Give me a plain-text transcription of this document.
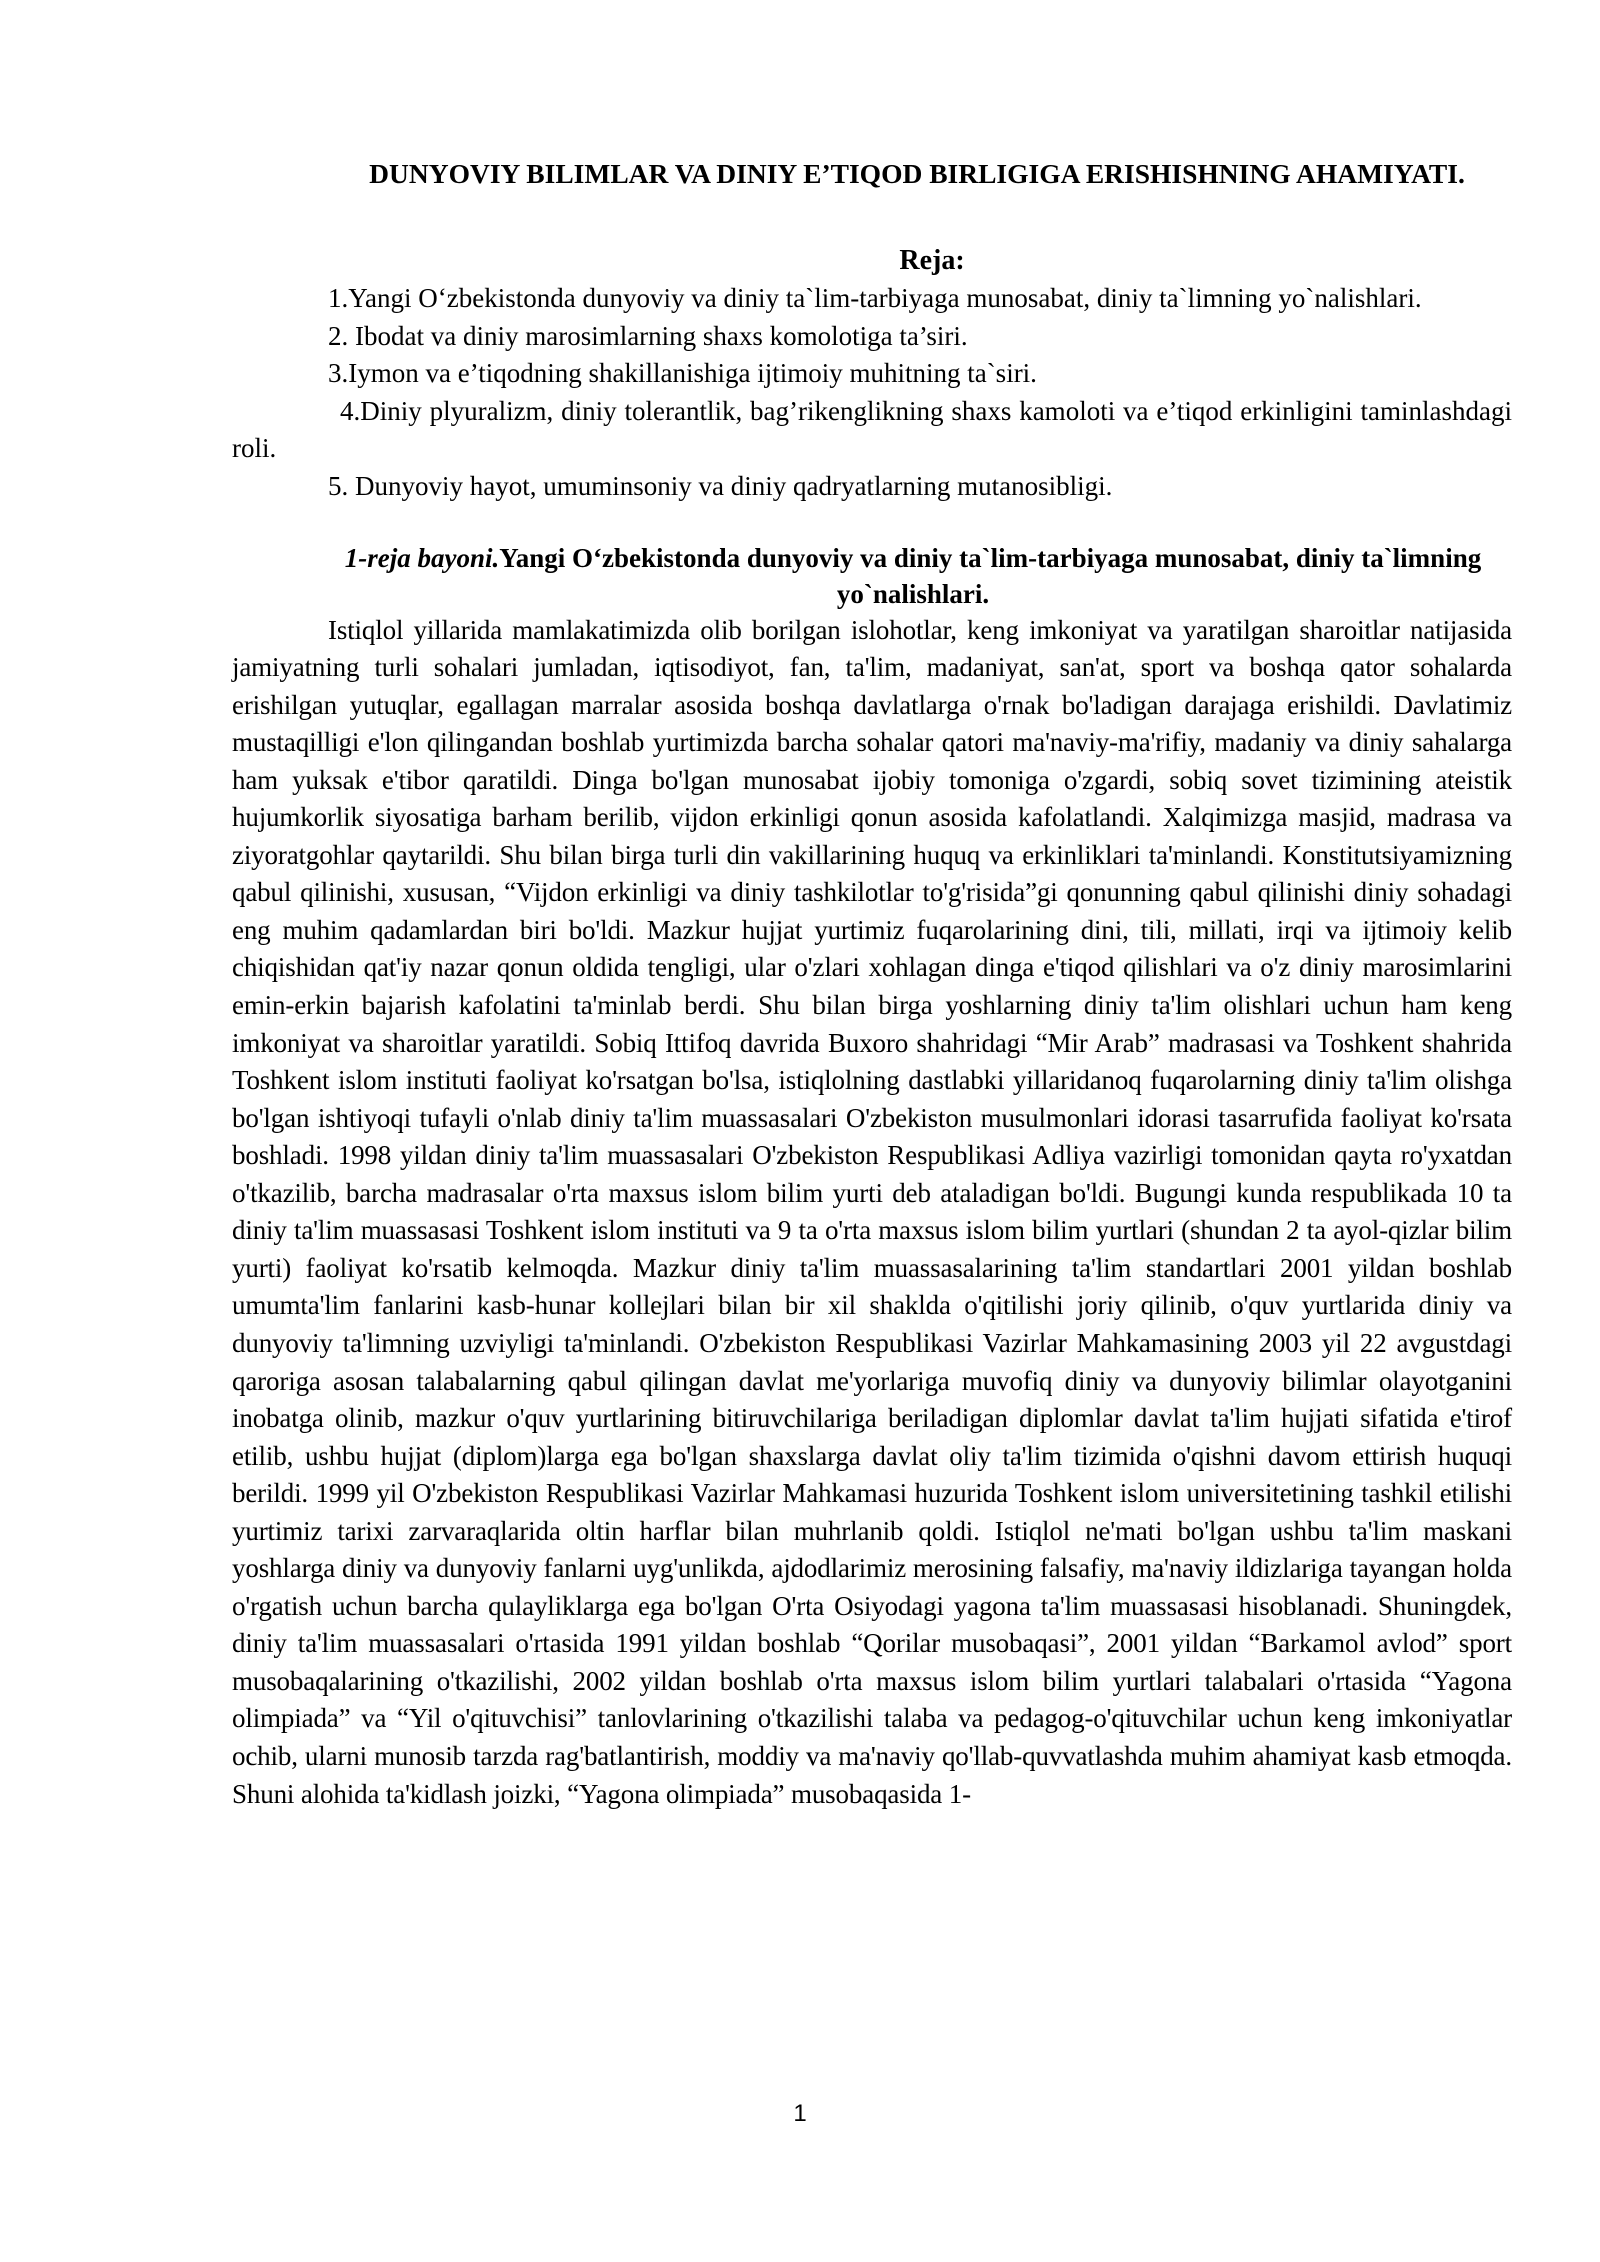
DUNYOVIY BILIMLAR VA DINIY E’TIQOD BIRLIGIGA ERISHISHNING AHAMIYATI.

Reja:

1.Yangi O‘zbekistonda dunyoviy va diniy ta`lim-tarbiyaga munosabat, diniy ta`limning yo`nalishlari.

2. Ibodat va diniy marosimlarning shaxs komolotiga ta’siri.

3.Iymon va e’tiqodning shakillanishiga ijtimoiy muhitning ta`siri.

4.Diniy plyuralizm, diniy tolerantlik, bag’rikenglikning shaxs kamoloti va e’tiqod erkinligini taminlashdagi roli.

5. Dunyoviy hayot, umuminsoniy va diniy qadryatlarning mutanosibligi.

1-reja bayoni.Yangi O‘zbekistonda dunyoviy va diniy ta`lim-tarbiyaga munosabat, diniy ta`limning yo`nalishlari.

Istiqlol yillarida mamlakatimizda olib borilgan islohotlar, keng imkoniyat va yaratilgan sharoitlar natijasida jamiyatning turli sohalari jumladan, iqtisodiyot, fan, ta'lim, madaniyat, san'at, sport va boshqa qator sohalarda erishilgan yutuqlar, egallagan marralar asosida boshqa davlatlarga o'rnak bo'ladigan darajaga erishildi. Davlatimiz mustaqilligi e'lon qilingandan boshlab yurtimizda barcha sohalar qatori ma'naviy-ma'rifiy, madaniy va diniy sahalarga ham yuksak e'tibor qaratildi. Dinga bo'lgan munosabat ijobiy tomoniga o'zgardi, sobiq sovet tizimining ateistik hujumkorlik siyosatiga barham berilib, vijdon erkinligi qonun asosida kafolatlandi. Xalqimizga masjid, madrasa va ziyoratgohlar qaytarildi. Shu bilan birga turli din vakillarining huquq va erkinliklari ta'minlandi. Konstitutsiyamizning qabul qilinishi, xususan, “Vijdon erkinligi va diniy tashkilotlar to'g'risida”gi qonunning qabul qilinishi diniy sohadagi eng muhim qadamlardan biri bo'ldi. Mazkur hujjat yurtimiz fuqarolarining dini, tili, millati, irqi va ijtimoiy kelib chiqishidan qat'iy nazar qonun oldida tengligi, ular o'zlari xohlagan dinga e'tiqod qilishlari va o'z diniy marosimlarini emin-erkin bajarish kafolatini ta'minlab berdi. Shu bilan birga yoshlarning diniy ta'lim olishlari uchun ham keng imkoniyat va sharoitlar yaratildi. Sobiq Ittifoq davrida Buxoro shahridagi “Mir Arab” madrasasi va Toshkent shahrida Toshkent islom instituti faoliyat ko'rsatgan bo'lsa, istiqlolning dastlabki yillaridanoq fuqarolarning diniy ta'lim olishga bo'lgan ishtiyoqi tufayli o'nlab diniy ta'lim muassasalari O'zbekiston musulmonlari idorasi tasarrufida faoliyat ko'rsata boshladi. 1998 yildan diniy ta'lim muassasalari O'zbekiston Respublikasi Adliya vazirligi tomonidan qayta ro'yxatdan o'tkazilib, barcha madrasalar o'rta maxsus islom bilim yurti deb ataladigan bo'ldi. Bugungi kunda respublikada 10 ta diniy ta'lim muassasasi Toshkent islom instituti va 9 ta o'rta maxsus islom bilim yurtlari (shundan 2 ta ayol-qizlar bilim yurti) faoliyat ko'rsatib kelmoqda. Mazkur diniy ta'lim muassasalarining ta'lim standartlari 2001 yildan boshlab umumta'lim fanlarini kasb-hunar kollejlari bilan bir xil shaklda o'qitilishi joriy qilinib, o'quv yurtlarida diniy va dunyoviy ta'limning uzviyligi ta'minlandi. O'zbekiston Respublikasi Vazirlar Mahkamasining 2003 yil 22 avgustdagi qaroriga asosan talabalarning qabul qilingan davlat me'yorlariga muvofiq diniy va dunyoviy bilimlar olayotganini inobatga olinib, mazkur o'quv yurtlarining bitiruvchilariga beriladigan diplomlar davlat ta'lim hujjati sifatida e'tirof etilib, ushbu hujjat (diplom)larga ega bo'lgan shaxslarga davlat oliy ta'lim tizimida o'qishni davom ettirish huquqi berildi. 1999 yil O'zbekiston Respublikasi Vazirlar Mahkamasi huzurida Toshkent islom universitetining tashkil etilishi yurtimiz tarixi zarvaraqlarida oltin harflar bilan muhrlanib qoldi. Istiqlol ne'mati bo'lgan ushbu ta'lim maskani yoshlarga diniy va dunyoviy fanlarni uyg'unlikda, ajdodlarimiz merosining falsafiy, ma'naviy ildizlariga tayangan holda o'rgatish uchun barcha qulayliklarga ega bo'lgan O'rta Osiyodagi yagona ta'lim muassasasi hisoblanadi. Shuningdek, diniy ta'lim muassasalari o'rtasida 1991 yildan boshlab “Qorilar musobaqasi”, 2001 yildan “Barkamol avlod” sport musobaqalarining o'tkazilishi, 2002 yildan boshlab o'rta maxsus islom bilim yurtlari talabalari o'rtasida “Yagona olimpiada” va “Yil o'qituvchisi” tanlovlarining o'tkazilishi talaba va pedagog-o'qituvchilar uchun keng imkoniyatlar ochib, ularni munosib tarzda rag'batlantirish, moddiy va ma'naviy qo'llab-quvvatlashda muhim ahamiyat kasb etmoqda. Shuni alohida ta'kidlash joizki, “Yagona olimpiada” musobaqasida 1-

1
